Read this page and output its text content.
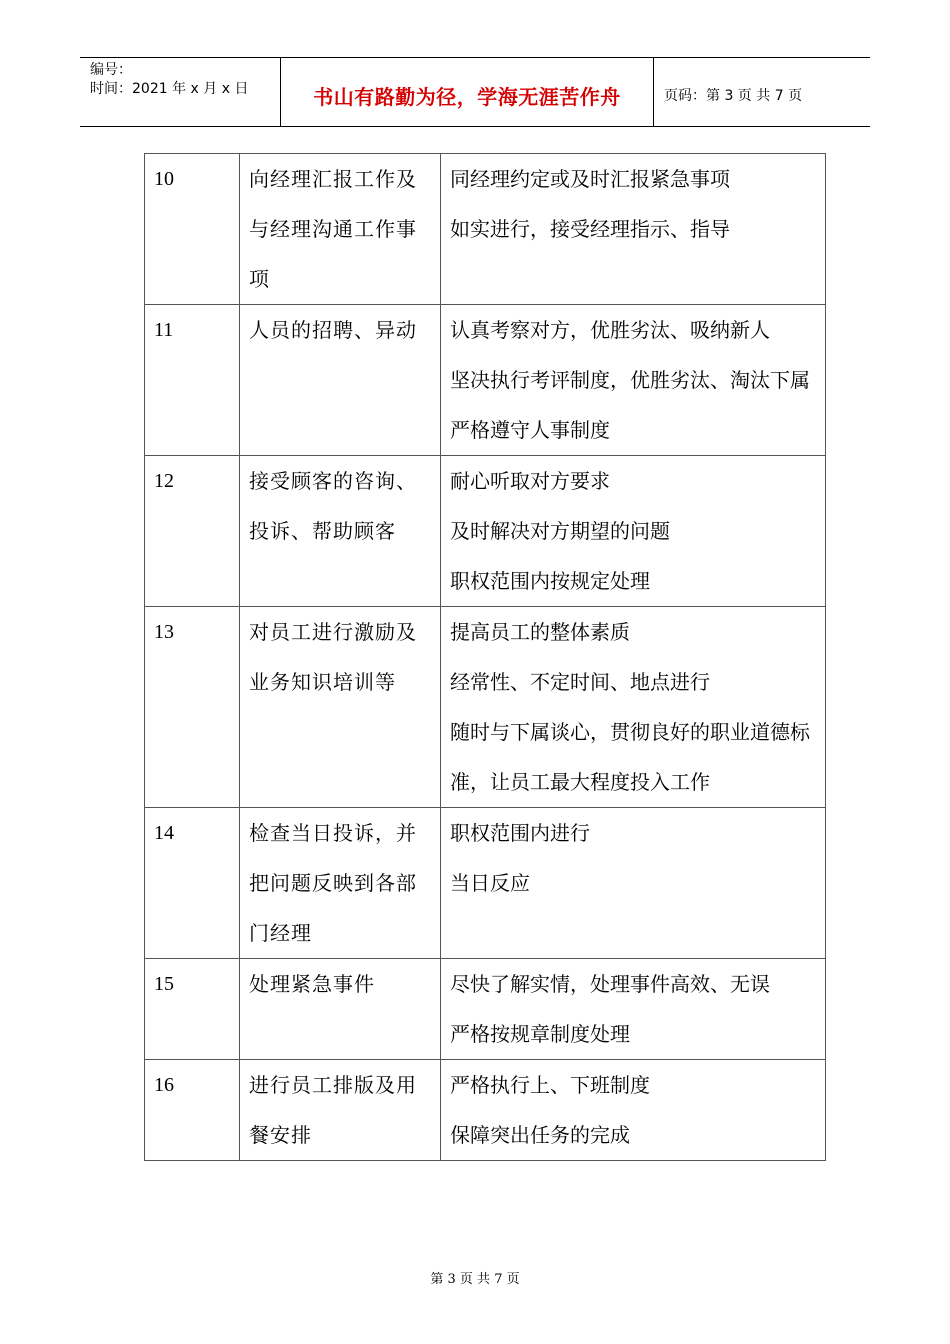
编号：
时间：2021 年 x 月 x 日	书山有路勤为径，学海无涯苦作舟	页码：第 3 页 共 7 页
10	向经理汇报工作及与经理沟通工作事项	同经理约定或及时汇报紧急事项
如实进行，接受经理指示、指导

11	人员的招聘、异动	认真考察对方，优胜劣汰、吸纳新人
坚决执行考评制度，优胜劣汰、淘汰下属
严格遵守人事制度

12	接受顾客的咨询、投诉、帮助顾客	耐心听取对方要求
及时解决对方期望的问题
职权范围内按规定处理

13	对员工进行激励及业务知识培训等	提高员工的整体素质
经常性、不定时间、地点进行
随时与下属谈心，贯彻良好的职业道德标准，让员工最大程度投入工作

14	检查当日投诉，并把问题反映到各部门经理	职权范围内进行
当日反应

15	处理紧急事件	尽快了解实情，处理事件高效、无误
严格按规章制度处理

16	进行员工排版及用餐安排	严格执行上、下班制度
保障突出任务的完成
第 3 页 共 7 页
